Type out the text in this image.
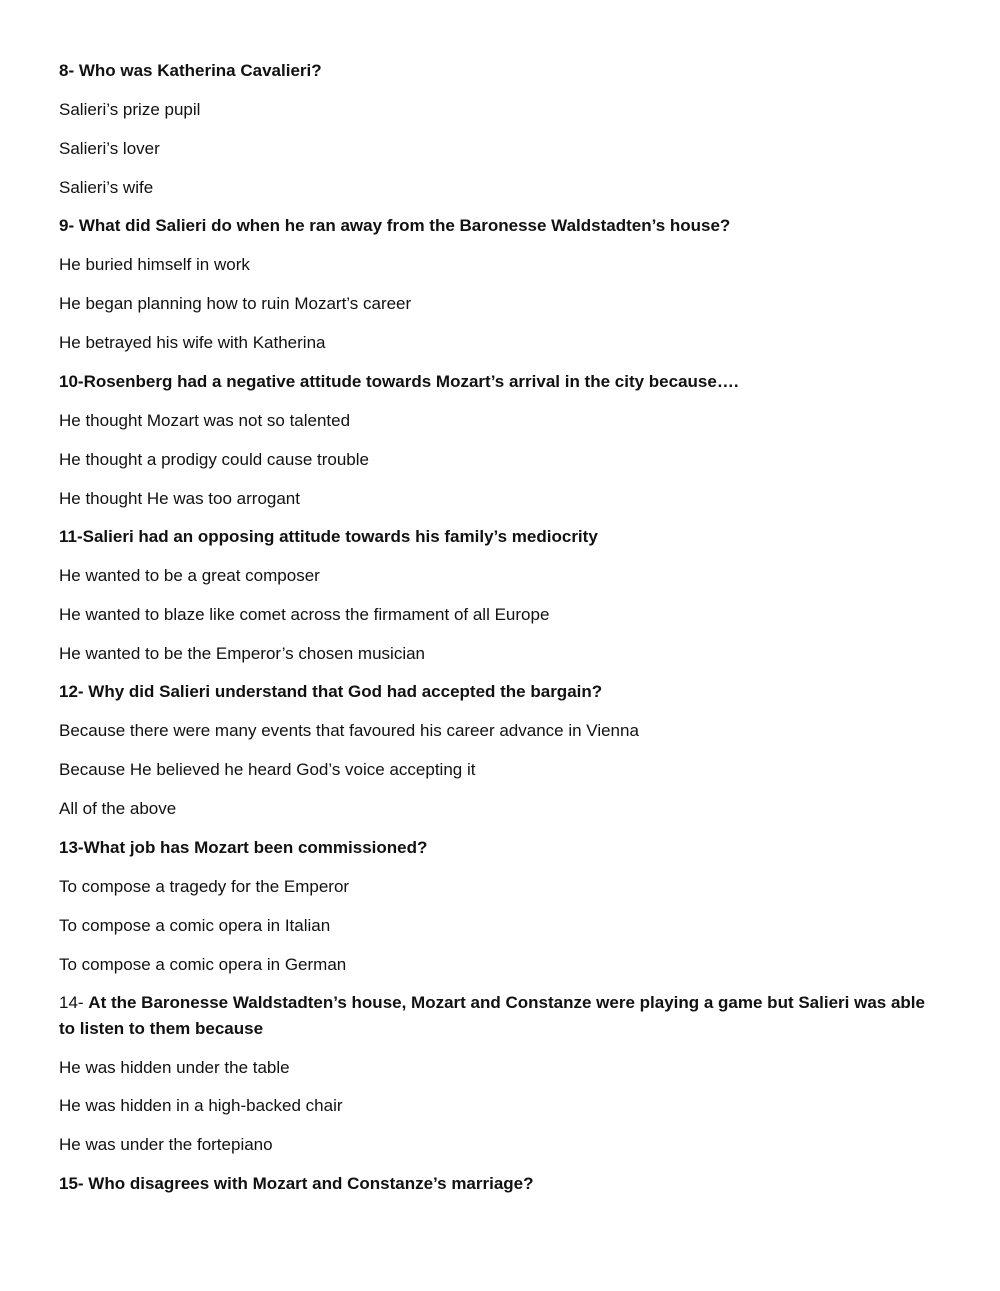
8- Who was Katherina Cavalieri?
Salieri’s prize pupil
Salieri’s lover
Salieri’s wife
9- What did Salieri do when he ran away from the Baronesse Waldstadten’s house?
He buried himself in work
He began planning how to ruin Mozart’s career
He betrayed his wife with Katherina
10-Rosenberg had a negative attitude towards Mozart’s arrival in the city because….
He thought Mozart was not so talented
He thought a prodigy could cause trouble
He thought He was too arrogant
11-Salieri had an opposing attitude towards his family’s mediocrity
He wanted to be a great composer
He wanted to blaze like comet across the firmament of all Europe
He wanted to be the Emperor’s chosen musician
12- Why did Salieri understand that God had accepted the bargain?
Because there were many events that favoured his career advance in Vienna
Because He believed he heard God’s voice accepting it
All of the above
13-What job has Mozart been commissioned?
To compose a tragedy for the Emperor
To compose a comic opera in Italian
To compose a comic opera in German
14- At the Baronesse Waldstadten’s house, Mozart and Constanze were playing a game but Salieri was able to listen to them because
He was hidden under the table
He was hidden in a high-backed chair
He was under the fortepiano
15- Who disagrees with Mozart and Constanze’s marriage?
